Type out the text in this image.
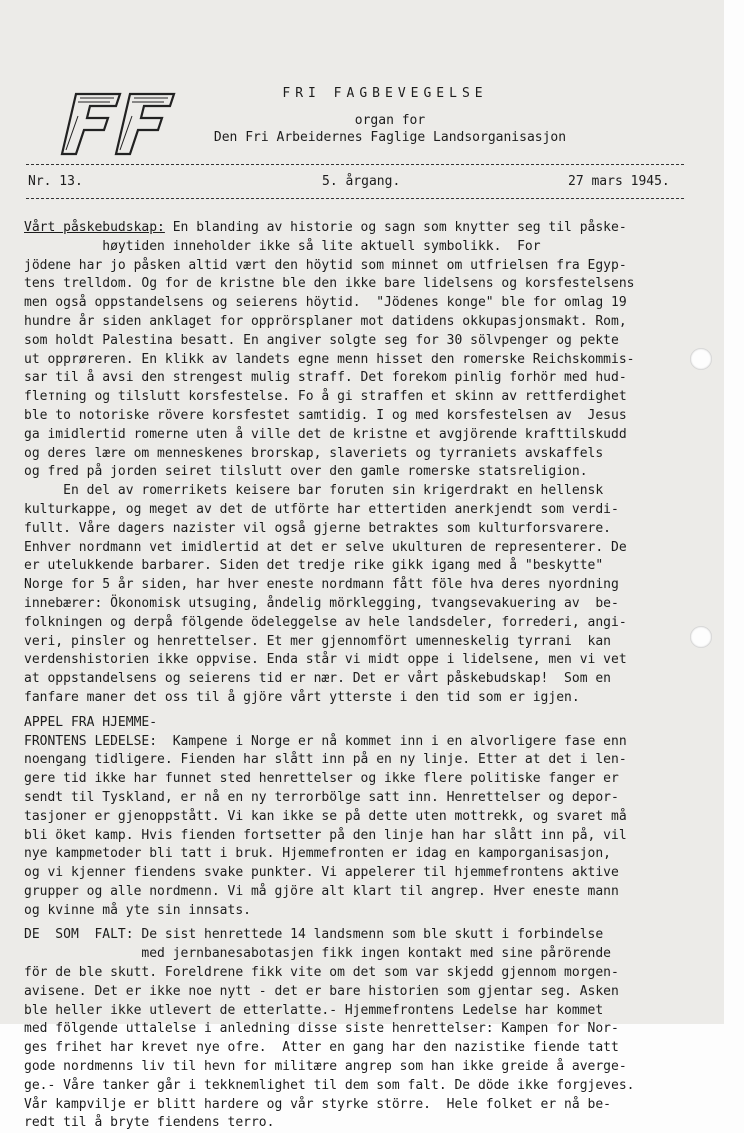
FRI FAGBEVEGELSE
organ for
Den Fri Arbeidernes Faglige Landsorganisasjon
Nr. 13.	5. årgang.	27 mars 1945.
Vårt påskebudskap: En blanding av historie og sagn som knytter seg til påske-
høytiden inneholder ikke så lite aktuell symbolikk.  For
jödene har jo påsken altid vært den höytid som minnet om utfrielsen fra Egyp-
tens trelldom. Og for de kristne ble den ikke bare lidelsens og korsfestelsens
men også oppstandelsens og seierens höytid.  "Jödenes konge" ble for omlag 19
hundre år siden anklaget for opprörsplaner mot datidens okkupasjonsmakt. Rom,
som holdt Palestina besatt. En angiver solgte seg for 30 sölvpenger og pekte
ut opprøreren. En klikk av landets egne menn hisset den romerske Reichskommis-
sar til å avsi den strengest mulig straff. Det forekom pinlig forhör med hud-
flетning og tilslutt korsfestelse. Fo å gi straffen et skinn av rettferdighet
ble to notoriske rövere korsfestet samtidig. I og med korsfestelsen av  Jesus
ga imidlertid romerne uten å ville det de kristne et avgjörende krafttilskudd
og deres lære om menneskenes brorskap, slaveriets og tyrraniets avskaffels
og fred på jorden seiret tilslutt over den gamle romerske statsreligion.
En del av romerrikets keisere bar foruten sin krigerdrakt en hellensk
kulturkappe, og meget av det de utförte har ettertiden anerkjendt som verdi-
fullt. Våre dagers nazister vil også gjerne betraktes som kulturforsvarere.
Enhver nordmann vet imidlertid at det er selve ukulturen de representerer. De
er utelukkende barbarer. Siden det tredje rike gikk igang med å "beskytte"
Norge for 5 år siden, har hver eneste nordmann fått föle hva deres nyordning
innebærer: Ökonomisk utsuging, åndelig mörklegging, tvangsevakuering av  be-
folkningen og derpå fölgende ödeleggelse av hele landsdeler, forrederi, angi-
veri, pinsler og henrettelser. Et mer gjennomfört umenneskelig tyrrani  kan
verdenshistorien ikke oppvise. Enda står vi midt oppe i lidelsene, men vi vet
at oppstandelsens og seierens tid er nær. Det er vårt påskebudskap!  Som en
fanfare maner det oss til å gjöre vårt ytterste i den tid som er igjen.
APPEL FRA HJEMME-
FRONTENS LEDELSE:  Kampene i Norge er nå kommet inn i en alvorligere fase enn
noengang tidligere. Fienden har slått inn på en ny linje. Etter at det i len-
gere tid ikke har funnet sted henrettelser og ikke flere politiske fanger er
sendt til Tyskland, er nå en ny terrorbölge satt inn. Henrettelser og depor-
tasjoner er gjenoppstått. Vi kan ikke se på dette uten mottrekk, og svaret må
bli öket kamp. Hvis fienden fortsetter på den linje han har slått inn på, vil
nye kampmetoder bli tatt i bruk. Hjemmefronten er idag en kamporganisasjon,
og vi kjenner fiendens svake punkter. Vi appelerer til hjemmefrontens aktive
grupper og alle nordmenn. Vi må gjöre alt klart til angrep. Hver eneste mann
og kvinne må yte sin innsats.
DE  SOM  FALT: De sist henrettede 14 landsmenn som ble skutt i forbindelse
med jernbanesabotasjen fikk ingen kontakt med sine pårörende
för de ble skutt. Foreldrene fikk vite om det som var skjedd gjennom morgen-
avisene. Det er ikke noe nytt - det er bare historien som gjentar seg. Asken
ble heller ikke utlevert de etterlatte.- Hjemmefrontens Ledelse har kommet
med fölgende uttalelse i anledning disse siste henrettelser: Kampen for Nor-
ges frihet har krevet nye ofre.  Atter en gang har den nazistike fiende tatt
gode nordmenns liv til hevn for militære angrep som han ikke greide å averge-
ge.- Våre tanker går i tekknemlighet til dem som falt. De döde ikke forgjeves.
Vår kampvilje er blitt hardere og vår styrke större.  Hele folket er nå be-
redt til å bryte fiendens terro.
